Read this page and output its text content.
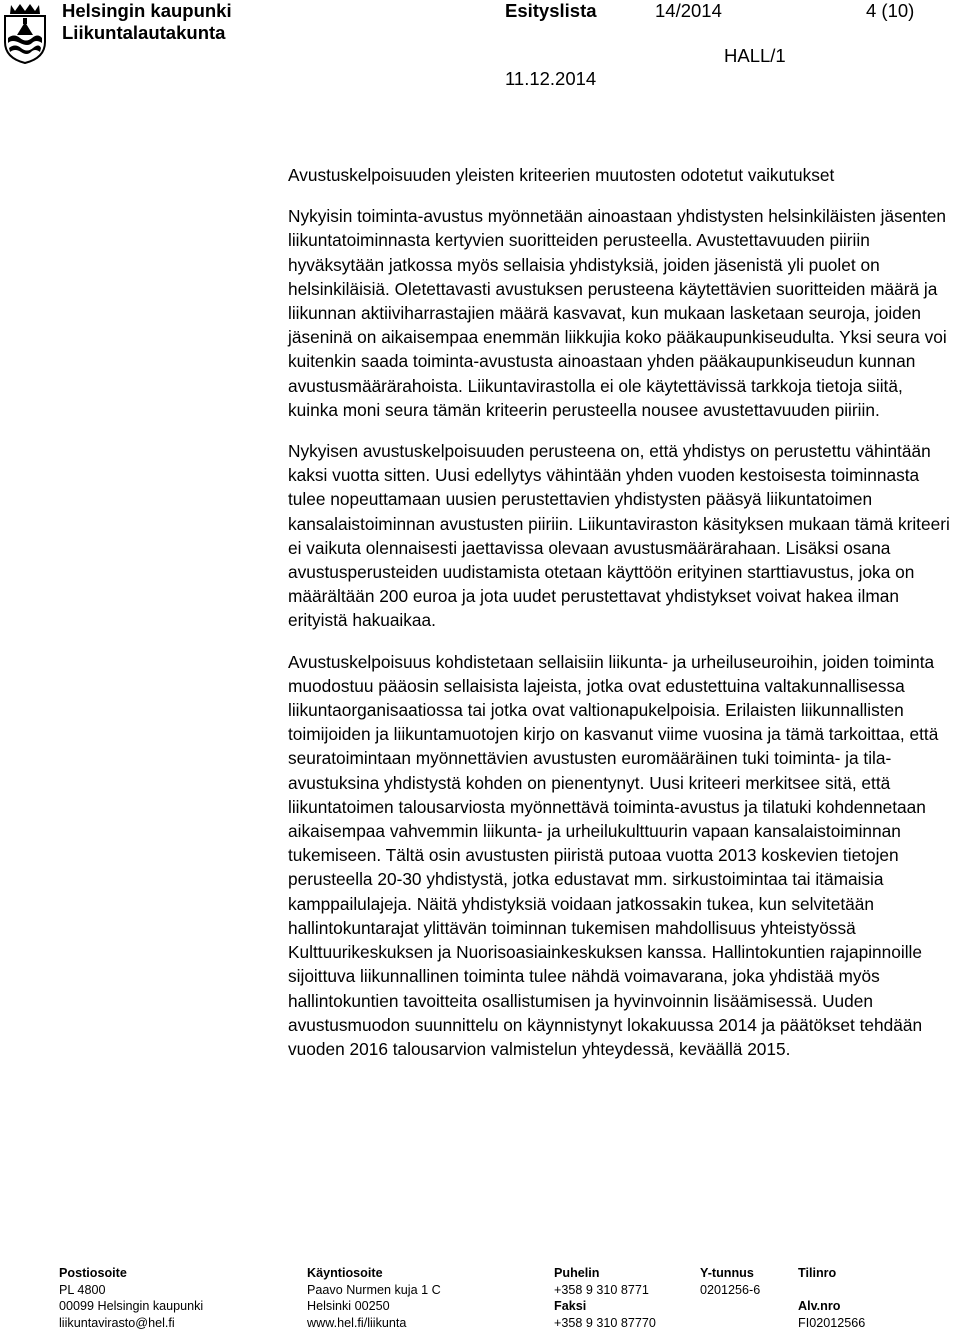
Helsingin kaupunki
Liikuntalautakunta
Esityslista	14/2014	4 (10)
HALL/1
11.12.2014
Avustuskelpoisuuden yleisten kriteerien muutosten odotetut vaikutukset

Nykyisin toiminta-avustus myönnetään ainoastaan yhdistysten helsinkiläisten jäsenten liikuntatoiminnasta kertyvien suoritteiden perusteella. Avustettavuuden piiriin hyväksytään jatkossa myös sellaisia yhdistyksiä, joiden jäsenistä yli puolet on helsinkiläisiä. Oletettavasti avustuksen perusteena käytettävien suoritteiden määrä ja liikunnan aktiiviharrastajien määrä kasvavat, kun mukaan lasketaan seuroja, joiden jäseninä on aikaisempaa enemmän liikkujia koko pääkaupunkiseudulta. Yksi seura voi kuitenkin saada toiminta-avustusta ainoastaan yhden pääkaupunkiseudun kunnan avustusmäärärahoista. Liikuntavirastolla ei ole käytettävissä tarkkoja tietoja siitä, kuinka moni seura tämän kriteerin perusteella nousee avustettavuuden piiriin.

Nykyisen avustuskelpoisuuden perusteena on, että yhdistys on perustettu vähintään kaksi vuotta sitten. Uusi edellytys vähintään yhden vuoden kestoisesta toiminnasta tulee nopeuttamaan uusien perustettavien yhdistysten pääsyä liikuntatoimen kansalaistoiminnan avustusten piiriin. Liikuntaviraston käsityksen mukaan tämä kriteeri ei vaikuta olennaisesti jaettavissa olevaan avustusmäärärahaan. Lisäksi osana avustusperusteiden uudistamista otetaan käyttöön erityinen starttiavustus, joka on määrältään 200 euroa ja jota uudet perustettavat yhdistykset voivat hakea ilman erityistä hakuaikaa.

Avustuskelpoisuus kohdistetaan sellaisiin liikunta- ja urheiluseuroihin, joiden toiminta muodostuu pääosin sellaisista lajeista, jotka ovat edustettuina valtakunnallisessa liikuntaorganisaatiossa tai jotka ovat valtionapukelpoisia. Erilaisten liikunnallisten toimijoiden ja liikuntamuotojen kirjo on kasvanut viime vuosina ja tämä tarkoittaa, että seuratoimintaan myönnettävien avustusten euromääräinen tuki toiminta- ja tila-avustuksina yhdistystä kohden on pienentynyt. Uusi kriteeri merkitsee sitä, että liikuntatoimen talousarviosta myönnettävä toiminta-avustus ja tilatuki kohdennetaan aikaisempaa vahvemmin liikunta- ja urheilukulttuurin vapaan kansalaistoiminnan tukemiseen. Tältä osin avustusten piiristä putoaa vuotta 2013 koskevien tietojen perusteella 20-30 yhdistystä, jotka edustavat mm. sirkustoimintaa tai itämaisia kamppailulajeja. Näitä yhdistyksiä voidaan jatkossakin tukea, kun selvitetään hallintokuntarajat ylittävän toiminnan tukemisen mahdollisuus yhteistyössä Kulttuurikeskuksen ja Nuorisoasiainkeskuksen kanssa. Hallintokuntien rajapinnoille sijoittuva liikunnallinen toiminta tulee nähdä voimavarana, joka yhdistää myös hallintokuntien tavoitteita osallistumisen ja hyvinvoinnin lisäämisessä. Uuden avustusmuodon suunnittelu on käynnistynyt lokakuussa 2014 ja päätökset tehdään vuoden 2016 talousarvion valmistelun yhteydessä, keväällä 2015.

Postiosoite
PL 4800
00099 Helsingin kaupunki
liikuntavirasto@hel.fi
Käyntiosoite
Paavo Nurmen kuja 1 C
Helsinki 00250
www.hel.fi/liikunta
Puhelin
+358 9 310 8771
Faksi
+358 9 310 87770
Y-tunnus
0201256-6
Tilinro

Alv.nro
FI02012566
